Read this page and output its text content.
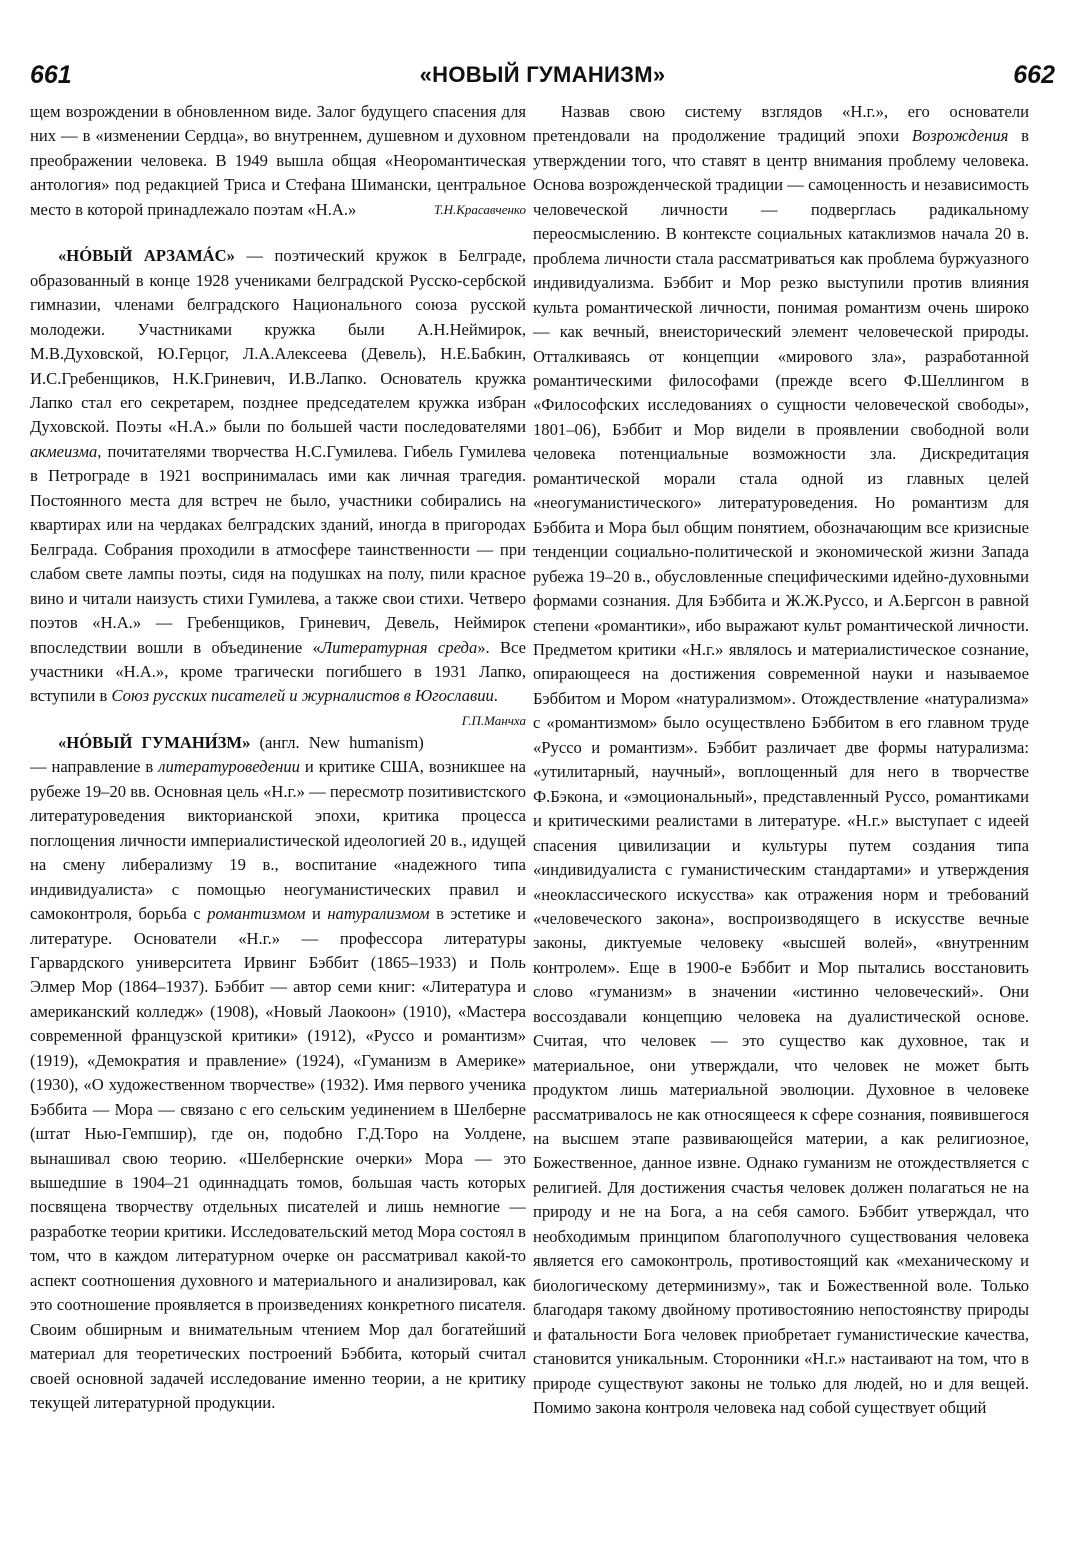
661	«НОВЫЙ ГУМАНИЗМ»	662

щем возрождении в обновленном виде. Залог будущего спасения для них — в «изменении Сердца», во внутреннем, душевном и духовном преображении человека. В 1949 вышла общая «Неоромантическая антология» под редакцией Триса и Стефана Шимански, центральное место в которой принадлежало поэтам «Н.А.»	Т.Н.Красавченко

«НÓВЫЙ АРЗАМÁС» — поэтический кружок в Белграде, образованный в конце 1928 учениками белградской Русско-сербской гимназии, членами белградского Национального союза русской молодежи. Участниками кружка были А.Н.Неймирок, М.В.Духовской, Ю.Герцог, Л.А.Алексеева (Девель), Н.Е.Бабкин, И.С.Гребенщиков, Н.К.Гриневич, И.В.Лапко. Основатель кружка Лапко стал его секретарем, позднее председателем кружка избран Духовской. Поэты «Н.А.» были по большей части последователями акмеизма, почитателями творчества Н.С.Гумилева. Гибель Гумилева в Петрограде в 1921 воспринималась ими как личная трагедия. Постоянного места для встреч не было, участники собирались на квартирах или на чердаках белградских зданий, иногда в пригородах Белграда. Собрания проходили в атмосфере таинственности — при слабом свете лампы поэты, сидя на подушках на полу, пили красное вино и читали наизусть стихи Гумилева, а также свои стихи. Четверо поэтов «Н.А.» — Гребенщиков, Гриневич, Девель, Неймирок впоследствии вошли в объединение «Литературная среда». Все участники «Н.А.», кроме трагически погибшего в 1931 Лапко, вступили в Союз русских писателей и журналистов в Югославии.
Г.П.Манчха

«НÓВЫЙ ГУМАНИ́ЗМ» (англ. New humanism) — направление в литературоведении и критике США, возникшее на рубеже 19–20 вв. Основная цель «Н.г.» — пересмотр позитивистского литературоведения викторианской эпохи, критика процесса поглощения личности империалистической идеологией 20 в., идущей на смену либерализму 19 в., воспитание «надежного типа индивидуалиста» с помощью неогуманистических правил и самоконтроля, борьба с романтизмом и натурализмом в эстетике и литературе. Основатели «Н.г.» — профессора литературы Гарвардского университета Ирвинг Бэббит (1865–1933) и Поль Элмер Мор (1864–1937). Бэббит — автор семи книг: «Литература и американский колледж» (1908), «Новый Лаокоон» (1910), «Мастера современной французской критики» (1912), «Руссо и романтизм» (1919), «Демократия и правление» (1924), «Гуманизм в Америке» (1930), «О художественном творчестве» (1932). Имя первого ученика Бэббита — Мора — связано с его сельским уединением в Шелберне (штат Нью-Гемпшир), где он, подобно Г.Д.Торо на Уолдене, вынашивал свою теорию. «Шелбернские очерки» Мора — это вышедшие в 1904–21 одиннадцать томов, большая часть которых посвящена творчеству отдельных писателей и лишь немногие — разработке теории критики. Исследовательский метод Мора состоял в том, что в каждом литературном очерке он рассматривал какой-то аспект соотношения духовного и материального и анализировал, как это соотношение проявляется в произведениях конкретного писателя. Своим обширным и внимательным чтением Мор дал богатейший материал для теоретических построений Бэббита, который считал своей основной задачей исследование именно теории, а не критику текущей литературной продукции.

Назвав свою систему взглядов «Н.г.», его основатели претендовали на продолжение традиций эпохи Возрождения в утверждении того, что ставят в центр внимания проблему человека. Основа возрожденческой традиции — самоценность и независимость человеческой личности — подверглась радикальному переосмыслению. В контексте социальных катаклизмов начала 20 в. проблема личности стала рассматриваться как проблема буржуазного индивидуализма. Бэббит и Мор резко выступили против влияния культа романтической личности, понимая романтизм очень широко — как вечный, внеисторический элемент человеческой природы. Отталкиваясь от концепции «мирового зла», разработанной романтическими философами (прежде всего Ф.Шеллингом в «Философских исследованиях о сущности человеческой свободы», 1801–06), Бэббит и Мор видели в проявлении свободной воли человека потенциальные возможности зла. Дискредитация романтической морали стала одной из главных целей «неогуманистического» литературоведения. Но романтизм для Бэббита и Мора был общим понятием, обозначающим все кризисные тенденции социально-политической и экономической жизни Запада рубежа 19–20 в., обусловленные специфическими идейно-духовными формами сознания. Для Бэббита и Ж.Ж.Руссо, и А.Бергсон в равной степени «романтики», ибо выражают культ романтической личности. Предметом критики «Н.г.» являлось и материалистическое сознание, опирающееся на достижения современной науки и называемое Бэббитом и Мором «натурализмом». Отождествление «натурализма» с «романтизмом» было осуществлено Бэббитом в его главном труде «Руссо и романтизм». Бэббит различает две формы натурализма: «утилитарный, научный», воплощенный для него в творчестве Ф.Бэкона, и «эмоциональный», представленный Руссо, романтиками и критическими реалистами в литературе. «Н.г.» выступает с идеей спасения цивилизации и культуры путем создания типа «индивидуалиста с гуманистическим стандартами» и утверждения «неоклассического искусства» как отражения норм и требований «человеческого закона», воспроизводящего в искусстве вечные законы, диктуемые человеку «высшей волей», «внутренним контролем». Еще в 1900-е Бэббит и Мор пытались восстановить слово «гуманизм» в значении «истинно человеческий». Они воссоздавали концепцию человека на дуалистической основе. Считая, что человек — это существо как духовное, так и материальное, они утверждали, что человек не может быть продуктом лишь материальной эволюции. Духовное в человеке рассматривалось не как относящееся к сфере сознания, появившегося на высшем этапе развивающейся материи, а как религиозное, Божественное, данное извне. Однако гуманизм не отождествляется с религией. Для достижения счастья человек должен полагаться не на природу и не на Бога, а на себя самого. Бэббит утверждал, что необходимым принципом благополучного существования человека является его самоконтроль, противостоящий как «механическому и биологическому детерминизму», так и Божественной воле. Только благодаря такому двойному противостоянию непостоянству природы и фатальности Бога человек приобретает гуманистические качества, становится уникальным. Сторонники «Н.г.» настаивают на том, что в природе существуют законы не только для людей, но и для вещей. Помимо закона контроля человека над собой существует общий
